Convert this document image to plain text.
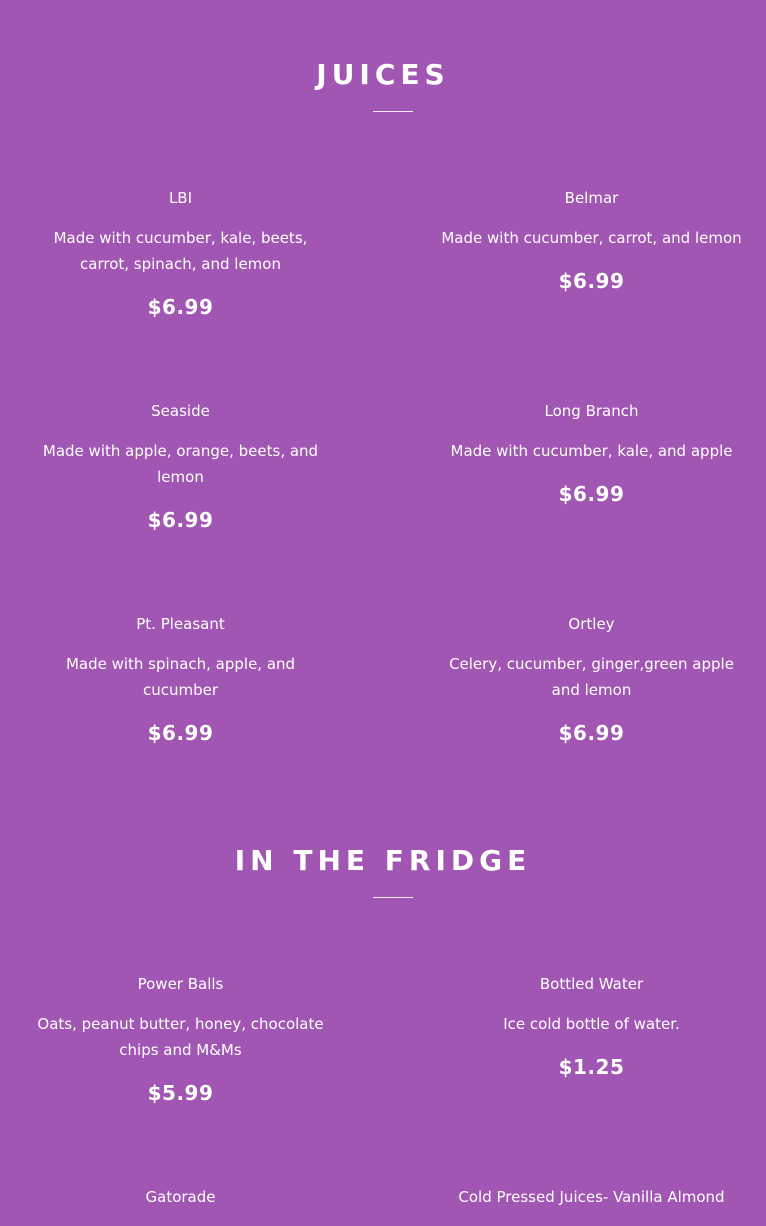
JUICES
LBI
Made with cucumber, kale, beets, carrot, spinach, and lemon
$6.99
Belmar
Made with cucumber, carrot, and lemon
$6.99
Seaside
Made with apple, orange, beets, and lemon
$6.99
Long Branch
Made with cucumber, kale, and apple
$6.99
Pt. Pleasant
Made with spinach, apple, and cucumber
$6.99
Ortley
Celery, cucumber, ginger,green apple and lemon
$6.99
IN THE FRIDGE
Power Balls
Oats, peanut butter, honey, chocolate chips and M&Ms
$5.99
Bottled Water
Ice cold bottle of water.
$1.25
Gatorade	Cold Pressed Juices- Vanilla Almond
